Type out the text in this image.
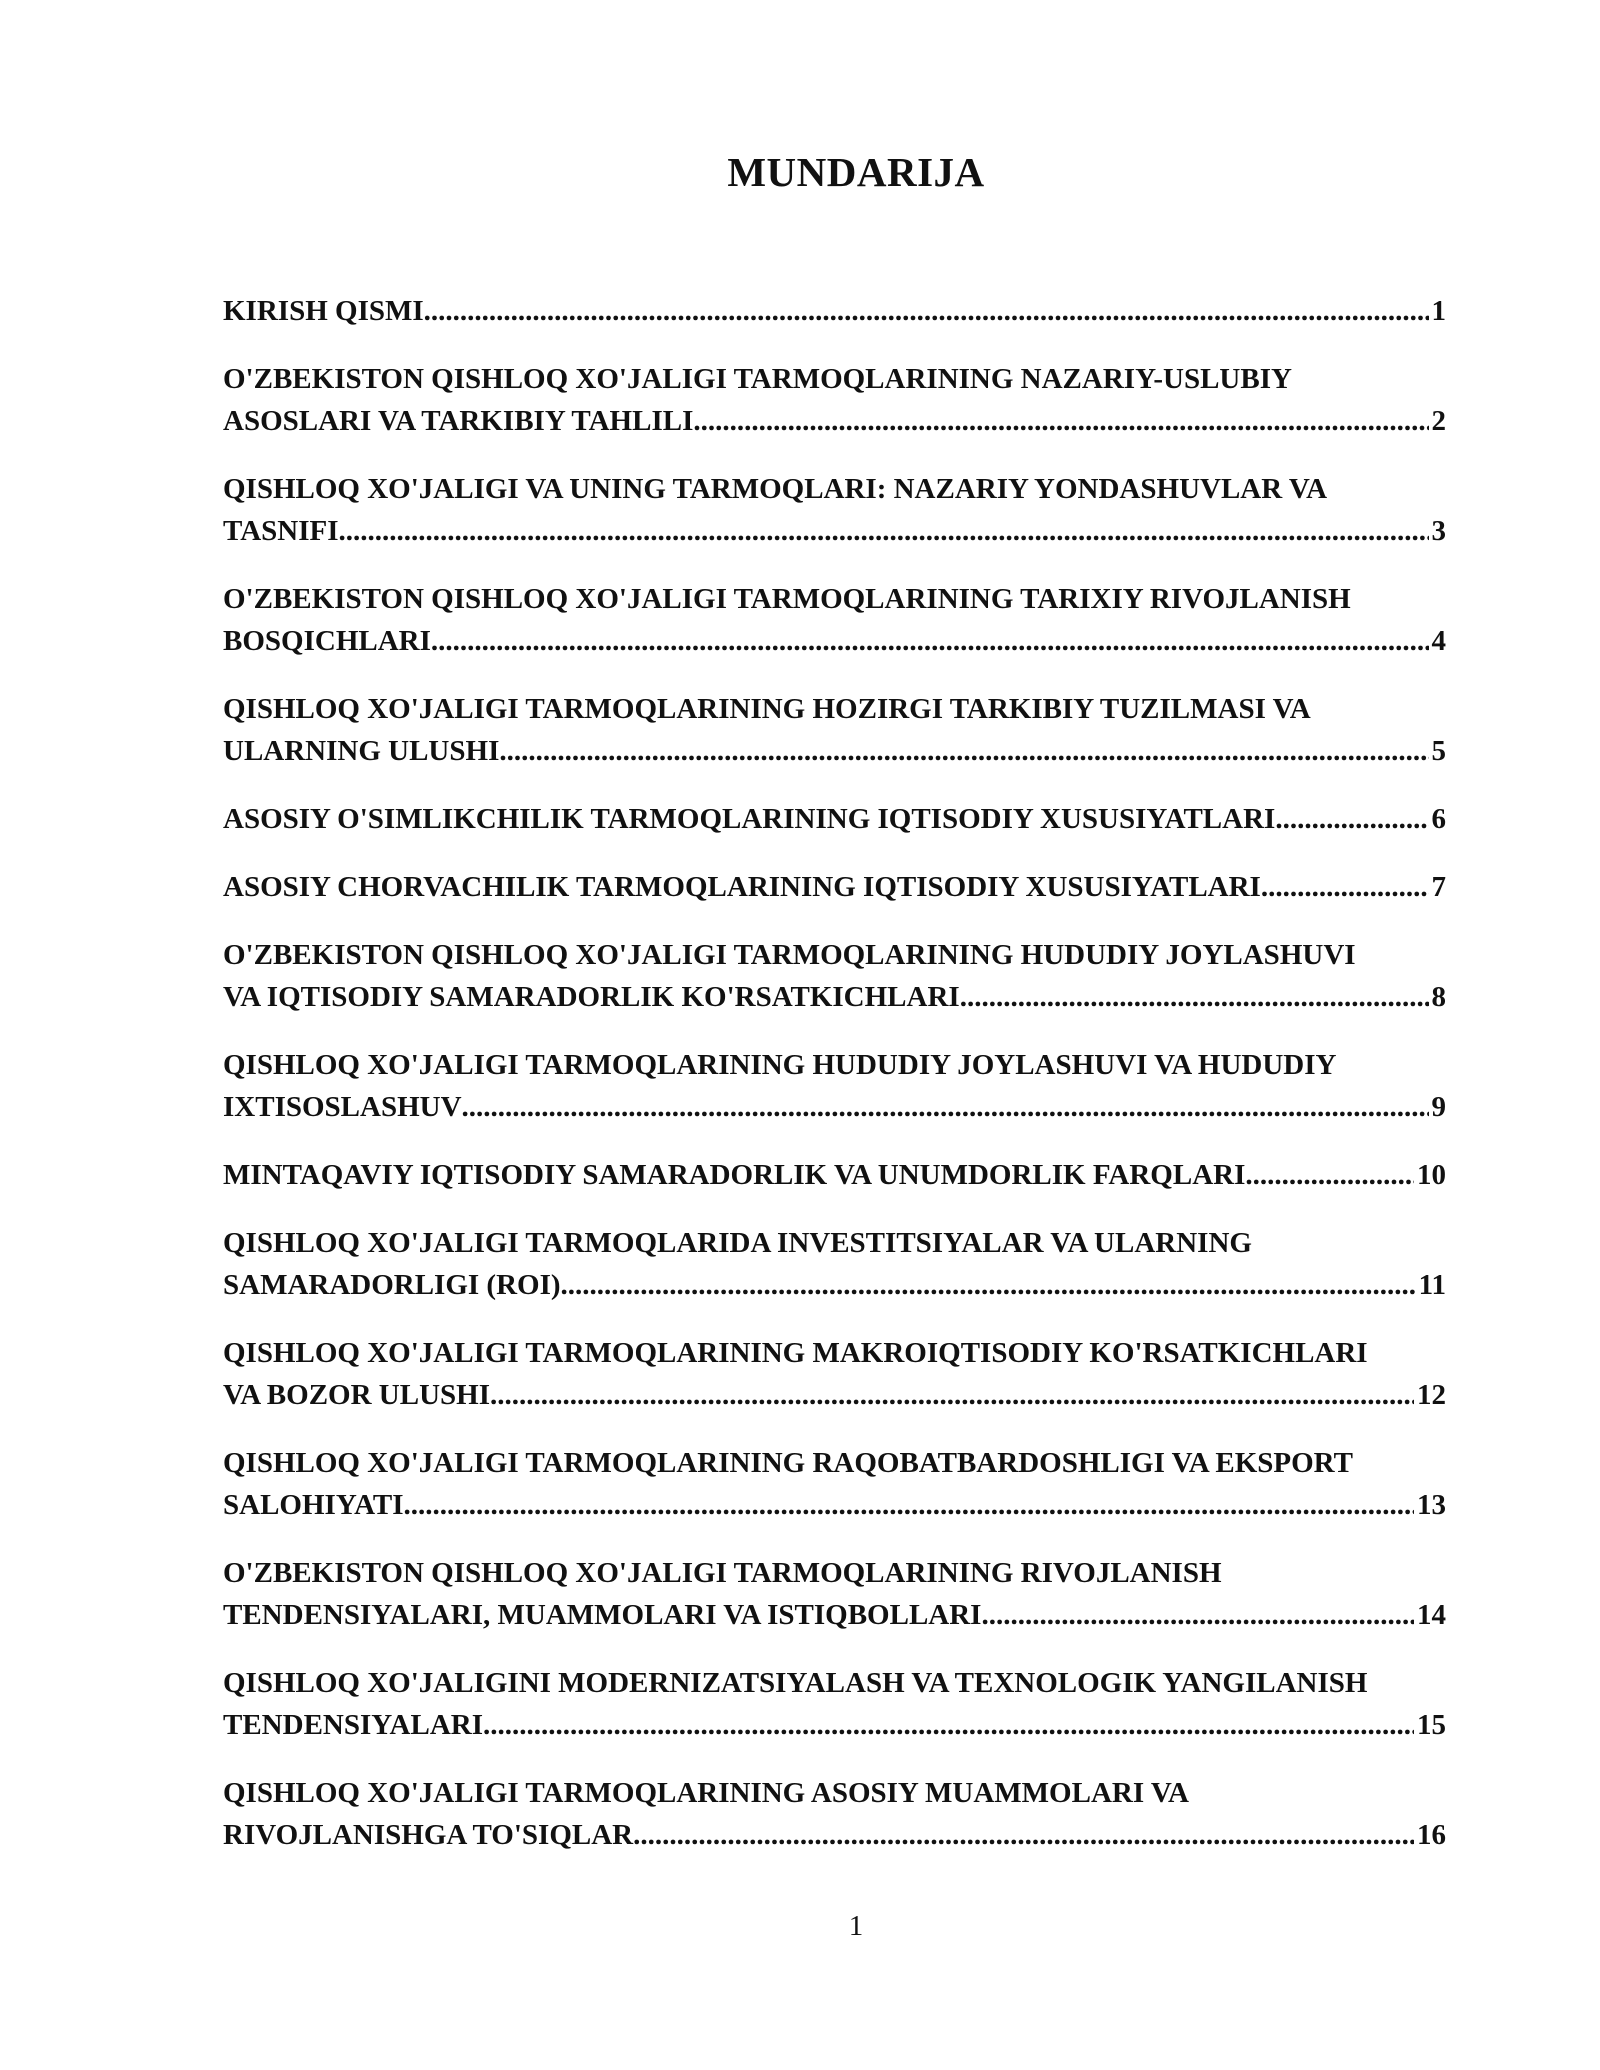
MUNDARIJA
KIRISH QISMI .....	1
O'ZBEKISTON QISHLOQ XO'JALIGI TARMOQLARINING NAZARIY-USLUBIY
ASOSLARI VA TARKIBIY TAHLILI .....	2
QISHLOQ XO'JALIGI VA UNING TARMOQLARI: NAZARIY YONDASHUVLAR VA
TASNIFI .....	3
O'ZBEKISTON QISHLOQ XO'JALIGI TARMOQLARINING TARIXIY RIVOJLANISH
BOSQICHLARI .....	4
QISHLOQ XO'JALIGI TARMOQLARINING HOZIRGI TARKIBIY TUZILMASI VA
ULARNING ULUSHI .....	5
ASOSIY O'SIMLIKCHILIK TARMOQLARINING IQTISODIY XUSUSIYATLARI .....	6
ASOSIY CHORVACHILIK TARMOQLARINING IQTISODIY XUSUSIYATLARI .....	7
O'ZBEKISTON QISHLOQ XO'JALIGI TARMOQLARINING HUDUDIY JOYLASHUVI
VA IQTISODIY SAMARADORLIK KO'RSATKICHLARI .....	8
QISHLOQ XO'JALIGI TARMOQLARINING HUDUDIY JOYLASHUVI VA HUDUDIY
IXTISOSLASHUV .....	9
MINTAQAVIY IQTISODIY SAMARADORLIK VA UNUMDORLIK FARQLARI .....	10
QISHLOQ XO'JALIGI TARMOQLARIDA INVESTITSIYALAR VA ULARNING
SAMARADORLIGI (ROI) .....	11
QISHLOQ XO'JALIGI TARMOQLARINING MAKROIQTISODIY KO'RSATKICHLARI
VA BOZOR ULUSHI .....	12
QISHLOQ XO'JALIGI TARMOQLARINING RAQOBATBARDOSHLIGI VA EKSPORT
SALOHIYATI .....	13
O'ZBEKISTON QISHLOQ XO'JALIGI TARMOQLARINING RIVOJLANISH
TENDENSIYALARI, MUAMMOLARI VA ISTIQBOLLARI .....	14
QISHLOQ XO'JALIGINI MODERNIZATSIYALASH VA TEXNOLOGIK YANGILANISH
TENDENSIYALARI .....	15
QISHLOQ XO'JALIGI TARMOQLARINING ASOSIY MUAMMOLARI VA
RIVOJLANISHGA TO'SIQLAR .....	16
1
